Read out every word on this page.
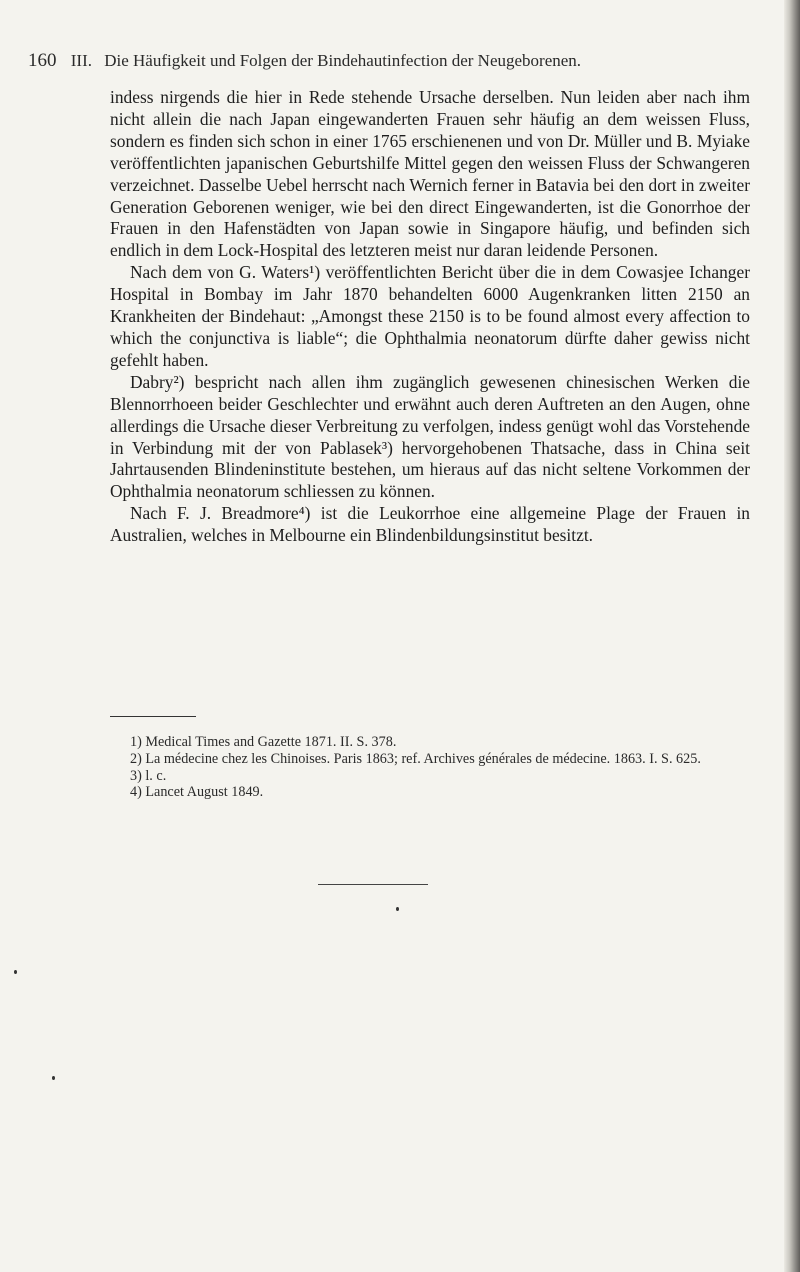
160 III. Die Häufigkeit und Folgen der Bindehautinfection der Neugeborenen.

indess nirgends die hier in Rede stehende Ursache derselben. Nun leiden aber nach ihm nicht allein die nach Japan eingewanderten Frauen sehr häufig an dem weissen Fluss, sondern es finden sich schon in einer 1765 erschienenen und von Dr. Müller und B. Myiake veröffentlichten japanischen Geburtshilfe Mittel gegen den weissen Fluss der Schwangeren verzeichnet. Dasselbe Uebel herrscht nach Wernich ferner in Batavia bei den dort in zweiter Generation Geborenen weniger, wie bei den direct Eingewanderten, ist die Gonorrhoe der Frauen in den Hafenstädten von Japan sowie in Singapore häufig, und befinden sich endlich in dem Lock-Hospital des letzteren meist nur daran leidende Personen.

Nach dem von G. Waters¹) veröffentlichten Bericht über die in dem Cowasjee Ichanger Hospital in Bombay im Jahr 1870 behandelten 6000 Augenkranken litten 2150 an Krankheiten der Bindehaut: „Amongst these 2150 is to be found almost every affection to which the conjunctiva is liable“; die Ophthalmia neonatorum dürfte daher gewiss nicht gefehlt haben.

Dabry²) bespricht nach allen ihm zugänglich gewesenen chinesischen Werken die Blennorrhoeen beider Geschlechter und erwähnt auch deren Auftreten an den Augen, ohne allerdings die Ursache dieser Verbreitung zu verfolgen, indess genügt wohl das Vorstehende in Verbindung mit der von Pablasek³) hervorgehobenen Thatsache, dass in China seit Jahrtausenden Blindeninstitute bestehen, um hieraus auf das nicht seltene Vorkommen der Ophthalmia neonatorum schliessen zu können.

Nach F. J. Breadmore⁴) ist die Leukorrhoe eine allgemeine Plage der Frauen in Australien, welches in Melbourne ein Blindenbildungsinstitut besitzt.

1) Medical Times and Gazette 1871. II. S. 378.
2) La médecine chez les Chinoises. Paris 1863; ref. Archives générales de médecine. 1863. I. S. 625.
3) l. c.
4) Lancet August 1849.
